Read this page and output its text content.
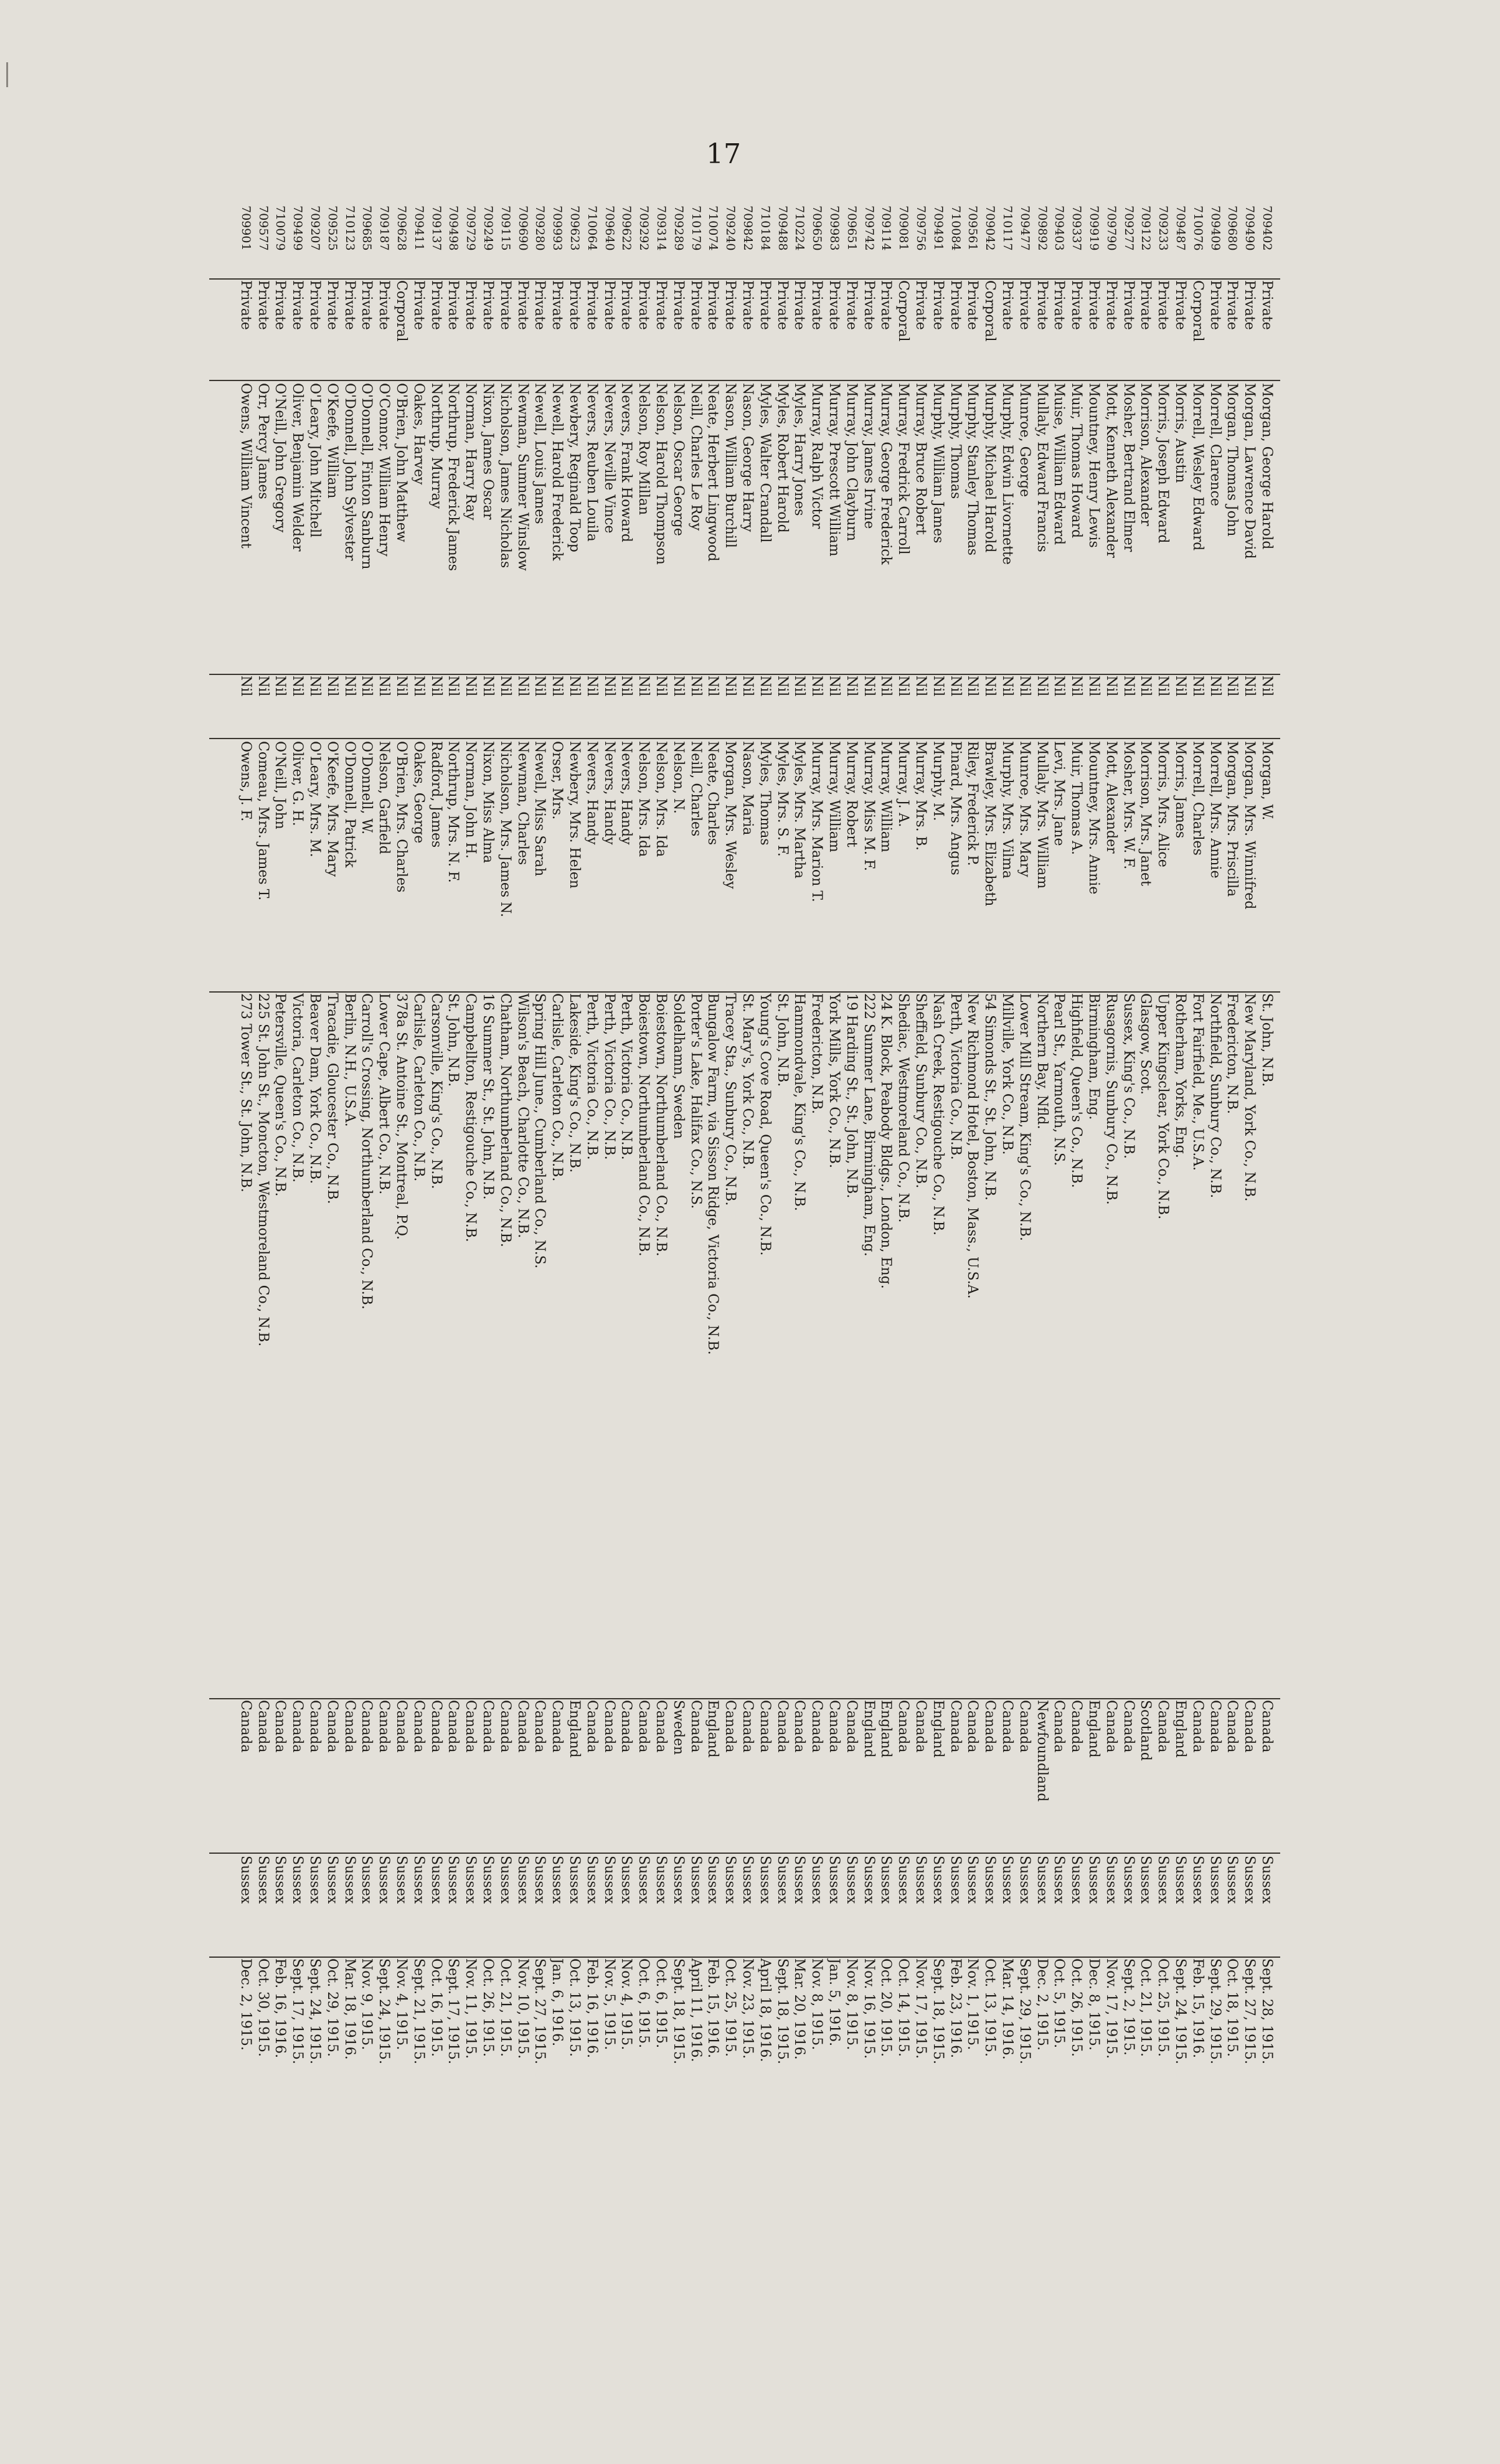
17
709402
Private
Morgan, George Harold
Nil
Morgan, W.
St. John, N.B.
Canada
Sussex
Sept. 28, 1915.
709490
Private
Morgan, Lawrence David
Nil
Morgan, Mrs. Winnifred
New Maryland, York Co., N.B.
Canada
Sussex
Sept. 27, 1915.
709680
Private
Morgan, Thomas John
Nil
Morgan, Mrs. Priscilla
Fredericton, N.B.
Canada
Sussex
Oct. 18, 1915.
709409
Private
Morrell, Clarence
Nil
Morrell, Mrs. Annie
Northfield, Sunbury Co., N.B.
Canada
Sussex
Sept. 29, 1915.
710076
Corporal
Morrell, Wesley Edward
Nil
Morrell, Charles
Fort Fairfield, Me., U.S.A.
Canada
Sussex
Feb. 15, 1916.
709487
Private
Morris, Austin
Nil
Morris, James
Rotherham, Yorks, Eng.
England
Sussex
Sept. 24, 1915.
709233
Private
Morris, Joseph Edward
Nil
Morris, Mrs. Alice
Upper Kingsclear, York Co., N.B.
Canada
Sussex
Oct. 25, 1915.
709122
Private
Morrison, Alexander
Nil
Morrison, Mrs. Janet
Glasgow, Scot.
Scotland
Sussex
Oct. 21, 1915.
709277
Private
Mosher, Bertrand Elmer
Nil
Mosher, Mrs. W. F.
Sussex, King's Co., N.B.
Canada
Sussex
Sept. 2, 1915.
709790
Private
Mott, Kenneth Alexander
Nil
Mott, Alexander
Rusagornis, Sunbury Co., N.B.
Canada
Sussex
Nov. 17, 1915.
709919
Private
Mountney, Henry Lewis
Nil
Mountney, Mrs. Annie
Birmingham, Eng.
England
Sussex
Dec. 8, 1915.
709337
Private
Muir, Thomas Howard
Nil
Muir, Thomas A.
Highfield, Queen's Co., N.B.
Canada
Sussex
Oct. 26, 1915.
709403
Private
Muise, William Edward
Nil
Levi, Mrs. Jane
Pearl St., Yarmouth, N.S.
Canada
Sussex
Oct. 5, 1915.
709892
Private
Mullaly, Edward Francis
Nil
Mullaly, Mrs. William
Northern Bay, Nfld.
Newfoundland
Sussex
Dec. 2, 1915.
709477
Private
Munroe, George
Nil
Munroe, Mrs. Mary
Lower Mill Stream, King's Co., N.B.
Canada
Sussex
Sept. 29, 1915.
710117
Private
Murphy, Edwin Livornette
Nil
Murphy, Mrs. Vilma
Millville, York Co., N.B.
Canada
Sussex
Mar. 14, 1916.
709042
Corporal
Murphy, Michael Harold
Nil
Brawley, Mrs. Elizabeth
54 Simonds St., St. John, N.B.
Canada
Sussex
Oct. 13, 1915.
709561
Private
Murphy, Stanley Thomas
Nil
Riley, Frederick P.
New Richmond Hotel, Boston, Mass., U.S.A.
Canada
Sussex
Nov. 1, 1915.
710084
Private
Murphy, Thomas
Nil
Pinard, Mrs. Angus
Perth, Victoria Co., N.B.
Canada
Sussex
Feb. 23, 1916.
709491
Private
Murphy, William James
Nil
Murphy, M.
Nash Creek, Restigouche Co., N.B.
England
Sussex
Sept. 18, 1915.
709756
Private
Murray, Bruce Robert
Nil
Murray, Mrs. B.
Sheffield, Sunbury Co., N.B.
Canada
Sussex
Nov. 17, 1915.
709081
Corporal
Murray, Fredrick Carroll
Nil
Murray, J. A.
Shediac, Westmoreland Co., N.B.
Canada
Sussex
Oct. 14, 1915.
709114
Private
Murray, George Frederick
Nil
Murray, William
24 K. Block, Peabody Bldgs., London, Eng.
England
Sussex
Oct. 20, 1915.
709742
Private
Murray, James Irvine
Nil
Murray, Miss M. F.
222 Summer Lane, Birmingham, Eng.
England
Sussex
Nov. 16, 1915.
709651
Private
Murray, John Clayburn
Nil
Murray, Robert
19 Harding St., St. John, N.B.
Canada
Sussex
Nov. 8, 1915.
709983
Private
Murray, Prescott William
Nil
Murray, William
York Mills, York Co., N.B.
Canada
Sussex
Jan. 5, 1916.
709650
Private
Murray, Ralph Victor
Nil
Murray, Mrs. Marion T.
Fredericton, N.B.
Canada
Sussex
Nov. 8, 1915.
710224
Private
Myles, Harry Jones
Nil
Myles, Mrs. Martha
Hammondvale, King's Co., N.B.
Canada
Sussex
Mar. 20, 1916.
709488
Private
Myles, Robert Harold
Nil
Myles, Mrs. S. F.
St. John, N.B.
Canada
Sussex
Sept. 18, 1915.
710184
Private
Myles, Walter Crandall
Nil
Myles, Thomas
Young's Cove Road, Queen's Co., N.B.
Canada
Sussex
April 18, 1916.
709842
Private
Nason, George Harry
Nil
Nason, Maria
St. Mary's, York Co., N.B.
Canada
Sussex
Nov. 23, 1915.
709240
Private
Nason, William Burchill
Nil
Morgan, Mrs. Wesley
Tracey Sta., Sunbury Co., N.B.
Canada
Sussex
Oct. 25, 1915.
710074
Private
Neate, Herbert Lingwood
Nil
Neate, Charles
Bungalow Farm, via Sisson Ridge, Victoria Co., N.B.
England
Sussex
Feb. 15, 1916.
710179
Private
Neill, Charles Le Roy
Nil
Neill, Charles
Porter's Lake, Halifax Co., N.S.
Canada
Sussex
April 11, 1916.
709289
Private
Nelson, Oscar George
Nil
Nelson, N.
Soldelhamn, Sweden
Sweden
Sussex
Sept. 18, 1915.
709314
Private
Nelson, Harold Thompson
Nil
Nelson, Mrs. Ida
Boiestown, Northumberland Co., N.B.
Canada
Sussex
Oct. 6, 1915.
709292
Private
Nelson, Roy Millan
Nil
Nelson, Mrs. Ida
Boiestown, Northumberland Co., N.B.
Canada
Sussex
Oct. 6, 1915.
709622
Private
Nevers, Frank Howard
Nil
Nevers, Handy
Perth, Victoria Co., N.B.
Canada
Sussex
Nov. 4, 1915.
709640
Private
Nevers, Neville Vince
Nil
Nevers, Handy
Perth, Victoria Co., N.B.
Canada
Sussex
Nov. 5, 1915.
710064
Private
Nevers, Reuben Louila
Nil
Nevers, Handy
Perth, Victoria Co., N.B.
Canada
Sussex
Feb. 16, 1916.
709623
Private
Newbery, Reginald Toop
Nil
Newbery, Mrs. Helen
Lakeside, King's Co., N.B.
England
Sussex
Oct. 13, 1915.
709993
Private
Newell, Harold Frederick
Nil
Orser, Mrs.
Carlisle, Carleton Co., N.B.
Canada
Sussex
Jan. 6, 1916.
709280
Private
Newell, Louis James
Nil
Newell, Miss Sarah
Spring Hill June., Cumberland Co., N.S.
Canada
Sussex
Sept. 27, 1915.
709690
Private
Newman, Sumner Winslow
Nil
Newman, Charles
Wilson's Beach, Charlotte Co., N.B.
Canada
Sussex
Nov. 10, 1915.
709115
Private
Nicholson, James Nicholas
Nil
Nicholson, Mrs. James N.
Chatham, Northumberland Co., N.B.
Canada
Sussex
Oct. 21, 1915.
709249
Private
Nixon, James Oscar
Nil
Nixon, Miss Alma
16 Summer St., St. John, N.B.
Canada
Sussex
Oct. 26, 1915.
709729
Private
Norman, Harry Ray
Nil
Norman, John H.
Campbellton, Restigouche Co., N.B.
Canada
Sussex
Nov. 11, 1915.
709498
Private
Northrup, Frederick James
Nil
Northrup, Mrs. N. F.
St. John, N.B.
Canada
Sussex
Sept. 17, 1915.
709137
Private
Northrup, Murray
Nil
Radford, James
Carsonville, King's Co., N.B.
Canada
Sussex
Oct. 16, 1915.
709411
Private
Oakes, Harvey
Nil
Oakes, George
Carlisle, Carleton Co., N.B.
Canada
Sussex
Sept. 21, 1915.
709628
Corporal
O'Brien, John Matthew
Nil
O'Brien, Mrs. Charles
378a St. Antoine St., Montreal, P.Q.
Canada
Sussex
Nov. 4, 1915.
709187
Private
O'Connor, William Henry
Nil
Nelson, Garfield
Lower Cape, Albert Co., N.B.
Canada
Sussex
Sept. 24, 1915.
709685
Private
O'Donnell, Finton Sanburn
Nil
O'Donnell, W.
Carroll's Crossing, Northumberland Co., N.B.
Canada
Sussex
Nov. 9, 1915.
710123
Private
O'Donnell, John Sylvester
Nil
O'Donnell, Patrick
Berlin, N.H., U.S.A.
Canada
Sussex
Mar. 18, 1916.
709525
Private
O'Keefe, William
Nil
O'Keefe, Mrs. Mary
Tracadie, Gloucester Co., N.B.
Canada
Sussex
Oct. 29, 1915.
709207
Private
O'Leary, John Mitchell
Nil
O'Leary, Mrs. M.
Beaver Dam, York Co., N.B.
Canada
Sussex
Sept. 24, 1915.
709499
Private
Oliver, Benjamin Welder
Nil
Oliver, G. H.
Victoria, Carleton Co., N.B.
Canada
Sussex
Sept. 17, 1915.
710079
Private
O'Neill, John Gregory
Nil
O'Neill, John
Petersville, Queen's Co., N.B.
Canada
Sussex
Feb. 16, 1916.
709577
Private
Orr, Percy James
Nil
Comeau, Mrs. James T.
225 St. John St., Moncton, Westmoreland Co., N.B.
Canada
Sussex
Oct. 30, 1915.
709901
Private
Owens, William Vincent
Nil
Owens, J. F.
273 Tower St., St. John, N.B.
Canada
Sussex
Dec. 2, 1915.
